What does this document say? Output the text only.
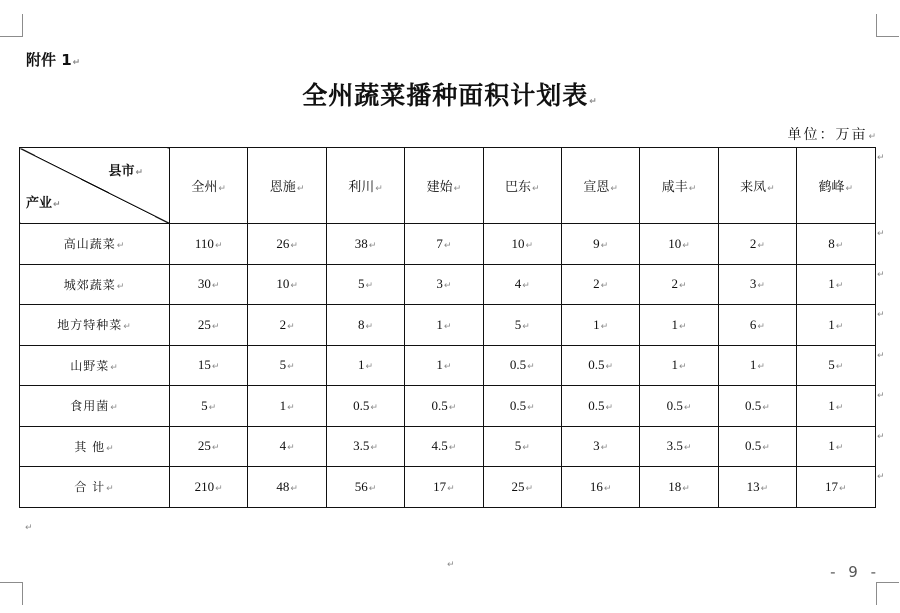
附件 1↵
全州蔬菜播种面积计划表↵
单位：万亩↵
县市↵
产业↵	全州↵	恩施↵	利川↵	建始↵	巴东↵	宣恩↵	咸丰↵	来凤↵	鹤峰↵
高山蔬菜↵	110↵	26↵	38↵	7↵	10↵	9↵	10↵	2↵	8↵
城郊蔬菜↵	30↵	10↵	5↵	3↵	4↵	2↵	2↵	3↵	1↵
地方特种菜↵	25↵	2↵	8↵	1↵	5↵	1↵	1↵	6↵	1↵
山野菜↵	15↵	5↵	1↵	1↵	0.5↵	0.5↵	1↵	1↵	5↵
食用菌↵	5↵	1↵	0.5↵	0.5↵	0.5↵	0.5↵	0.5↵	0.5↵	1↵
其 他↵	25↵	4↵	3.5↵	4.5↵	5↵	3↵	3.5↵	0.5↵	1↵
合 计↵	210↵	48↵	56↵	17↵	25↵	16↵	18↵	13↵	17↵
↵
↵
↵
↵
↵
↵
↵
↵
↵
↵	- 9 -
